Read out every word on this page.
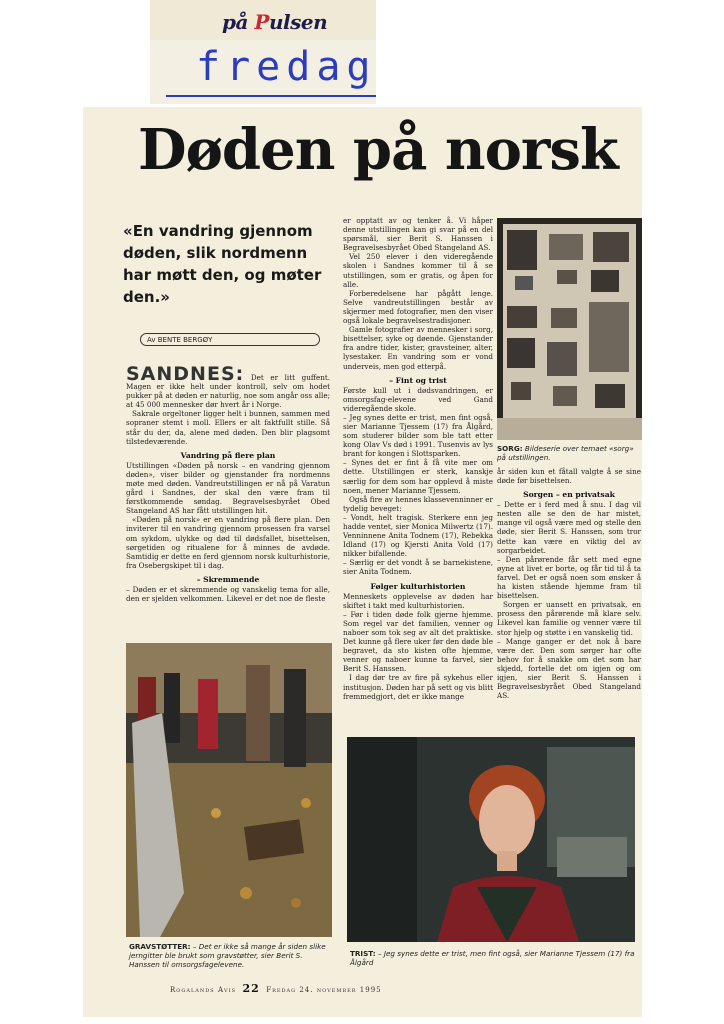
på Pulsen
fredag
Døden på norsk
«En vandring gjennom døden, slik nordmenn har møtt den, og møter den.»
Av BENTE BERGØY
SANDNES: Det er litt guffent. Magen er ikke helt under kontroll, selv om hodet pukker på at døden er naturlig, noe som angår oss alle; at 45 000 mennesker dør hvert år i Norge.
Sakrale orgeltoner ligger helt i bunnen, sammen med sopraner stemt i moll. Ellers er alt faktfullt stille. Så står du der, da, alene med døden. Den blir plagsomt tilstedeværende.
Vandring på flere plan
Utstillingen «Døden på norsk – en vandring gjennom døden», viser bilder og gjenstander fra nordmenns møte med døden. Vandreutstillingen er nå på Varatun gård i Sandnes, der skal den være fram til førstkommende søndag. Begravelsesbyrået Obed Stangeland AS har fått utstillingen hit.
«Døden på norsk» er en vandring på flere plan. Den inviterer til en vandring gjennom prosessen fra varsel om sykdom, ulykke og død til dødsfallet, bisettelsen, sørgetiden og ritualene for å minnes de avdøde. Samtidig er dette en ferd gjennom norsk kulturhistorie, fra Osebergskipet til i dag.
– Skremmende
– Døden er et skremmende og vanskelig tema for alle, den er sjelden velkommen. Likevel er det noe de fleste
er opptatt av og tenker å. Vi håper denne utstillingen kan gi svar på en del spørsmål, sier Berit S. Hanssen i Begravelsesbyrået Obed Stangeland AS.
Vel 250 elever i den videregående skolen i Sandnes kommer til å se utstillingen, som er gratis, og åpen for alle.
Forberedelsene har pågått lenge. Selve vandreutstillingen består av skjermer med fotografier, men den viser også lokale begravelsestradisjoner.
Gamle fotografier av mennesker i sorg, bisettelser, syke og døende. Gjenstander fra andre tider, kister, gravsteiner, alter, lysestaker. En vandring som er vond underveis, men god etterpå.
– Fint og trist
Første kull ut i dødsvandringen, er omsorgsfag-elevene ved Gand videregående skole.
– Jeg synes dette er trist, men fint også, sier Marianne Tjessem (17) fra Ålgård, som studerer bilder som ble tatt etter kong Olav Vs død i 1991. Tusenvis av lys brant for kongen i Slottsparken.
– Synes det er fint å få vite mer om dette. Utstillingen er sterk, kanskje særlig for dem som har opplevd å miste noen, mener Marianne Tjessem.
Også fire av hennes klassevenninner er tydelig beveget:
– Vondt, helt tragisk. Sterkere enn jeg hadde ventet, sier Monica Milwertz (17). Venninnene Anita Todnem (17), Rebekka Idland (17) og Kjersti Anita Vold (17) nikker bifallende.
– Særlig er det vondt å se barnekistene, sier Anita Todnem.
Følger kulturhistorien
Menneskets opplevelse av døden har skiftet i takt med kulturhistorien.
– Før i tiden døde folk gjerne hjemme. Som regel var det familien, venner og naboer som tok seg av alt det praktiske. Det kunne gå flere uker før den døde ble begravet, da sto kisten ofte hjemme, venner og naboer kunne ta farvel, sier Berit S. Hanssen.
I dag dør tre av fire på sykehus eller institusjon. Døden har på sett og vis blitt fremmedgjort, det er ikke mange
år siden kun et fåtall valgte å se sine døde før bisettelsen.
Sorgen – en privatsak
– Dette er i ferd med å snu. I dag vil nesten alle se den de har mistet, mange vil også være med og stelle den døde, sier Berit S. Hanssen, som tror dette kan være en viktig del av sorgarbeidet.
– Den pårørende får sett med egne øyne at livet er borte, og får tid til å ta farvel. Det er også noen som ønsker å ha kisten stående hjemme fram til bisettelsen.
Sorgen er uansett en privatsak, en prosess den pårørende må klare selv. Likevel kan familie og venner være til stor hjelp og støtte i en vanskelig tid.
– Mange ganger er det nok å bare være der. Den som sørger har ofte behov for å snakke om det som har skjedd, fortelle det om igjen og om igjen, sier Berit S. Hanssen i Begravelsesbyrået Obed Stangeland AS.
SORG: Bildeserie over temaet «sorg» på utstillingen.
GRAVSTØTTER: – Det er ikke så mange år siden slike jerngitter ble brukt som gravstøtter, sier Berit S. Hanssen til omsorgsfagelevene.
TRIST: – Jeg synes dette er trist, men fint også, sier Marianne Tjessem (17) fra Ålgård
Rogalands Avis 22 Fredag 24. november 1995
